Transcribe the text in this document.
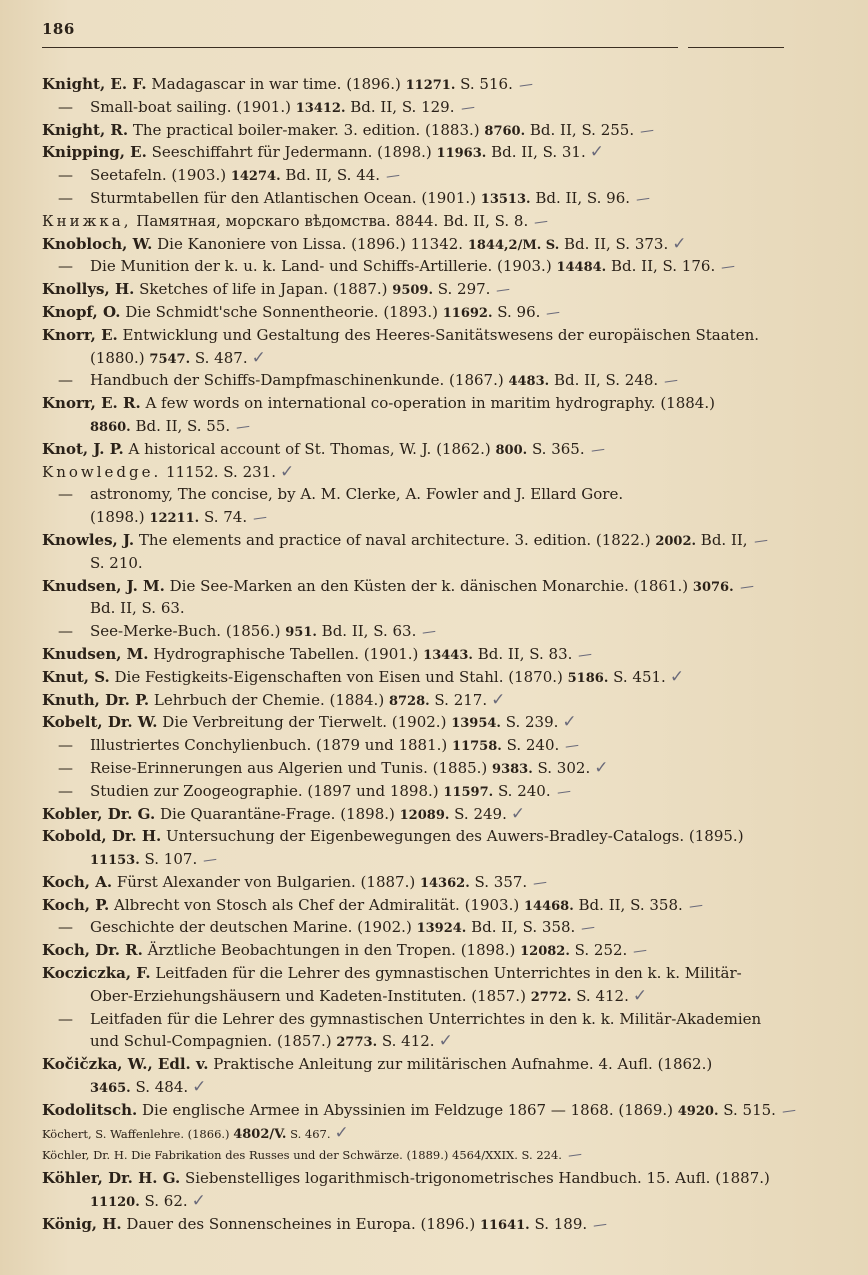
186
Knight, E. F. Madagascar in war time. (1896.) 11271. S. 516. —
— Small-boat sailing. (1901.) 13412. Bd. II, S. 129. —
Knight, R. The practical boiler-maker. 3. edition. (1883.) 8760. Bd. II, S. 255. —
Knipping, E. Seeschiffahrt für Jedermann. (1898.) 11963. Bd. II, S. 31. ✓
— Seetafeln. (1903.) 14274. Bd. II, S. 44. —
— Sturmtabellen für den Atlantischen Ocean. (1901.) 13513. Bd. II, S. 96. —
Книжка, Памятная, морскаго вѣдомства. 8844. Bd. II, S. 8. —
Knobloch, W. Die Kanoniere von Lissa. (1896.) 11342. 1844,2/M. S. Bd. II, S. 373. ✓
— Die Munition der k. u. k. Land- und Schiffs-Artillerie. (1903.) 14484. Bd. II, S. 176. —
Knollys, H. Sketches of life in Japan. (1887.) 9509. S. 297. —
Knopf, O. Die Schmidt'sche Sonnentheorie. (1893.) 11692. S. 96. —
Knorr, E. Entwicklung und Gestaltung des Heeres-Sanitätswesens der europäischen Staaten.
(1880.) 7547. S. 487. ✓
— Handbuch der Schiffs-Dampfmaschinenkunde. (1867.) 4483. Bd. II, S. 248. —
Knorr, E. R. A few words on international co-operation in maritim hydrography. (1884.)
8860. Bd. II, S. 55. —
Knot, J. P. A historical account of St. Thomas, W. J. (1862.) 800. S. 365. —
Knowledge. 11152. S. 231. ✓
— astronomy, The concise, by A. M. Clerke, A. Fowler and J. Ellard Gore.
(1898.) 12211. S. 74. —
Knowles, J. The elements and practice of naval architecture. 3. edition. (1822.) 2002. Bd. II, —
S. 210.
Knudsen, J. M. Die See-Marken an den Küsten der k. dänischen Monarchie. (1861.) 3076. —
Bd. II, S. 63.
— See-Merke-Buch. (1856.) 951. Bd. II, S. 63. —
Knudsen, M. Hydrographische Tabellen. (1901.) 13443. Bd. II, S. 83. —
Knut, S. Die Festigkeits-Eigenschaften von Eisen und Stahl. (1870.) 5186. S. 451. ✓
Knuth, Dr. P. Lehrbuch der Chemie. (1884.) 8728. S. 217. ✓
Kobelt, Dr. W. Die Verbreitung der Tierwelt. (1902.) 13954. S. 239. ✓
— Illustriertes Conchylienbuch. (1879 und 1881.) 11758. S. 240. —
— Reise-Erinnerungen aus Algerien und Tunis. (1885.) 9383. S. 302. ✓
— Studien zur Zoogeographie. (1897 und 1898.) 11597. S. 240. —
Kobler, Dr. G. Die Quarantäne-Frage. (1898.) 12089. S. 249. ✓
Kobold, Dr. H. Untersuchung der Eigenbewegungen des Auwers-Bradley-Catalogs. (1895.)
11153. S. 107. —
Koch, A. Fürst Alexander von Bulgarien. (1887.) 14362. S. 357. —
Koch, P. Albrecht von Stosch als Chef der Admiralität. (1903.) 14468. Bd. II, S. 358. —
— Geschichte der deutschen Marine. (1902.) 13924. Bd. II, S. 358. —
Koch, Dr. R. Ärztliche Beobachtungen in den Tropen. (1898.) 12082. S. 252. —
Kocziczka, F. Leitfaden für die Lehrer des gymnastischen Unterrichtes in den k. k. Militär-
Ober-Erziehungshäusern und Kadeten-Instituten. (1857.) 2772. S. 412. ✓
— Leitfaden für die Lehrer des gymnastischen Unterrichtes in den k. k. Militär-Akademien
und Schul-Compagnien. (1857.) 2773. S. 412. ✓
Kočičzka, W., Edl. v. Praktische Anleitung zur militärischen Aufnahme. 4. Aufl. (1862.)
3465. S. 484. ✓
Kodolitsch. Die englische Armee in Abyssinien im Feldzuge 1867 — 1868. (1869.) 4920. S. 515. —
Köchert, S. Waffenlehre. (1866.) 4802/V. S. 467. ✓
Köchler, Dr. H. Die Fabrikation des Russes und der Schwärze. (1889.) 4564/XXIX. S. 224. —
Köhler, Dr. H. G. Siebenstelliges logarithmisch-trigonometrisches Handbuch. 15. Aufl. (1887.)
11120. S. 62. ✓
König, H. Dauer des Sonnenscheines in Europa. (1896.) 11641. S. 189. —
